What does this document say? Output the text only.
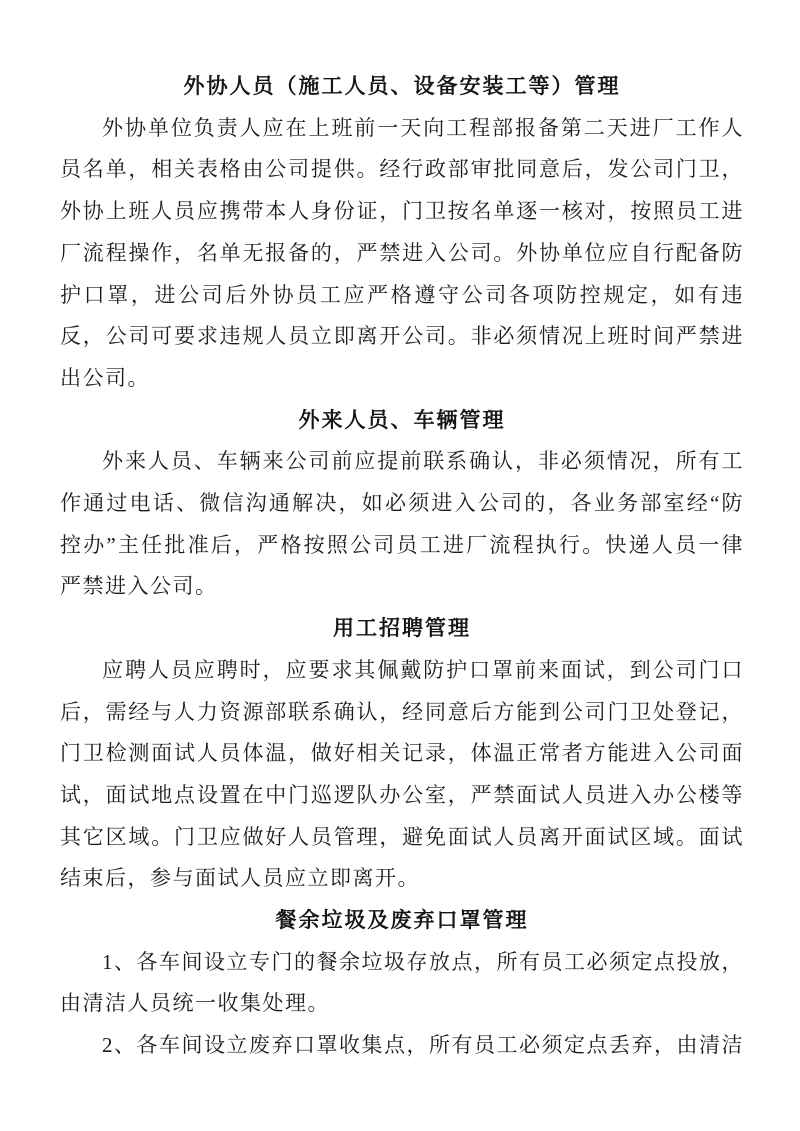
外协人员（施工人员、设备安装工等）管理

外协单位负责人应在上班前一天向工程部报备第二天进厂工作人员名单，相关表格由公司提供。经行政部审批同意后，发公司门卫，外协上班人员应携带本人身份证，门卫按名单逐一核对，按照员工进厂流程操作，名单无报备的，严禁进入公司。外协单位应自行配备防护口罩，进公司后外协员工应严格遵守公司各项防控规定，如有违反，公司可要求违规人员立即离开公司。非必须情况上班时间严禁进出公司。

外来人员、车辆管理

外来人员、车辆来公司前应提前联系确认，非必须情况，所有工作通过电话、微信沟通解决，如必须进入公司的，各业务部室经“防控办”主任批准后，严格按照公司员工进厂流程执行。快递人员一律严禁进入公司。

用工招聘管理

应聘人员应聘时，应要求其佩戴防护口罩前来面试，到公司门口后，需经与人力资源部联系确认，经同意后方能到公司门卫处登记，门卫检测面试人员体温，做好相关记录，体温正常者方能进入公司面试，面试地点设置在中门巡逻队办公室，严禁面试人员进入办公楼等其它区域。门卫应做好人员管理，避免面试人员离开面试区域。面试结束后，参与面试人员应立即离开。

餐余垃圾及废弃口罩管理

1、各车间设立专门的餐余垃圾存放点，所有员工必须定点投放，由清洁人员统一收集处理。

2、各车间设立废弃口罩收集点，所有员工必须定点丢弃，由清洁
